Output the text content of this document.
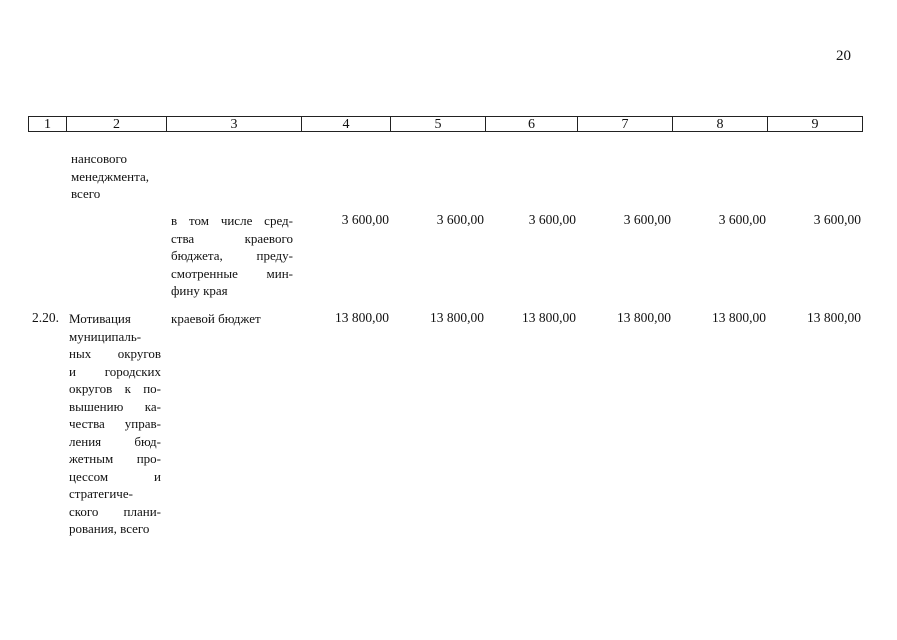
20
1	2	3	4	5	6	7	8	9
нансового
менеджмента,
всего
в том числе сред-
ства краевого
бюджета, преду-
смотренные мин-
фину края
3 600,00	3 600,00	3 600,00	3 600,00	3 600,00	3 600,00
2.20. Мотивация
муниципаль-
ных округов
и городских
округов к по-
вышению ка-
чества управ-
ления бюд-
жетным про-
цессом и
стратегиче-
ского плани-
рования, всего
краевой бюджет	13 800,00	13 800,00	13 800,00	13 800,00	13 800,00	13 800,00
